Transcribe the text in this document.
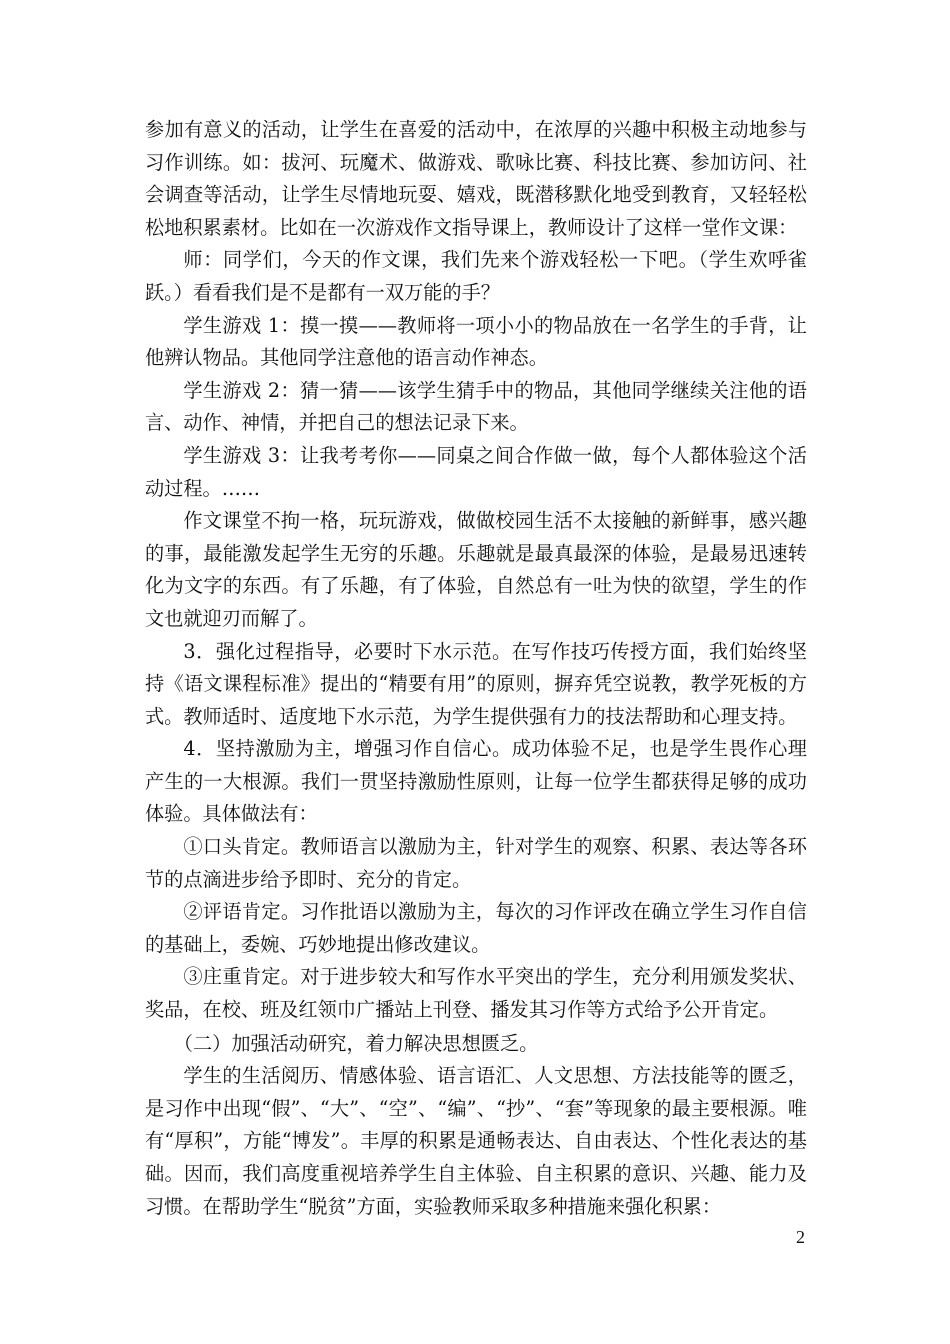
参加有意义的活动，让学生在喜爱的活动中，在浓厚的兴趣中积极主动地参与习作训练。如：拔河、玩魔术、做游戏、歌咏比赛、科技比赛、参加访问、社会调查等活动，让学生尽情地玩耍、嬉戏，既潜移默化地受到教育，又轻轻松松地积累素材。比如在一次游戏作文指导课上，教师设计了这样一堂作文课：

师：同学们，今天的作文课，我们先来个游戏轻松一下吧。（学生欢呼雀跃。）看看我们是不是都有一双万能的手？

学生游戏 1：摸一摸——教师将一项小小的物品放在一名学生的手背，让他辨认物品。其他同学注意他的语言动作神态。

学生游戏 2：猜一猜——该学生猜手中的物品，其他同学继续关注他的语言、动作、神情，并把自己的想法记录下来。

学生游戏 3：让我考考你——同桌之间合作做一做，每个人都体验这个活动过程。……

作文课堂不拘一格，玩玩游戏，做做校园生活不太接触的新鲜事，感兴趣的事，最能激发起学生无穷的乐趣。乐趣就是最真最深的体验，是最易迅速转化为文字的东西。有了乐趣，有了体验，自然总有一吐为快的欲望，学生的作文也就迎刃而解了。

3．强化过程指导，必要时下水示范。在写作技巧传授方面，我们始终坚持《语文课程标准》提出的“精要有用”的原则，摒弃凭空说教，教学死板的方式。教师适时、适度地下水示范，为学生提供强有力的技法帮助和心理支持。

4．坚持激励为主，增强习作自信心。成功体验不足，也是学生畏作心理产生的一大根源。我们一贯坚持激励性原则，让每一位学生都获得足够的成功体验。具体做法有：

①口头肯定。教师语言以激励为主，针对学生的观察、积累、表达等各环节的点滴进步给予即时、充分的肯定。

②评语肯定。习作批语以激励为主，每次的习作评改在确立学生习作自信的基础上，委婉、巧妙地提出修改建议。

③庄重肯定。对于进步较大和写作水平突出的学生，充分利用颁发奖状、奖品，在校、班及红领巾广播站上刊登、播发其习作等方式给予公开肯定。

（二）加强活动研究，着力解决思想匮乏。

学生的生活阅历、情感体验、语言语汇、人文思想、方法技能等的匮乏，是习作中出现“假”、“大”、“空”、“编”、“抄”、“套”等现象的最主要根源。唯有“厚积”，方能“博发”。丰厚的积累是通畅表达、自由表达、个性化表达的基础。因而，我们高度重视培养学生自主体验、自主积累的意识、兴趣、能力及习惯。在帮助学生“脱贫”方面，实验教师采取多种措施来强化积累：

2
